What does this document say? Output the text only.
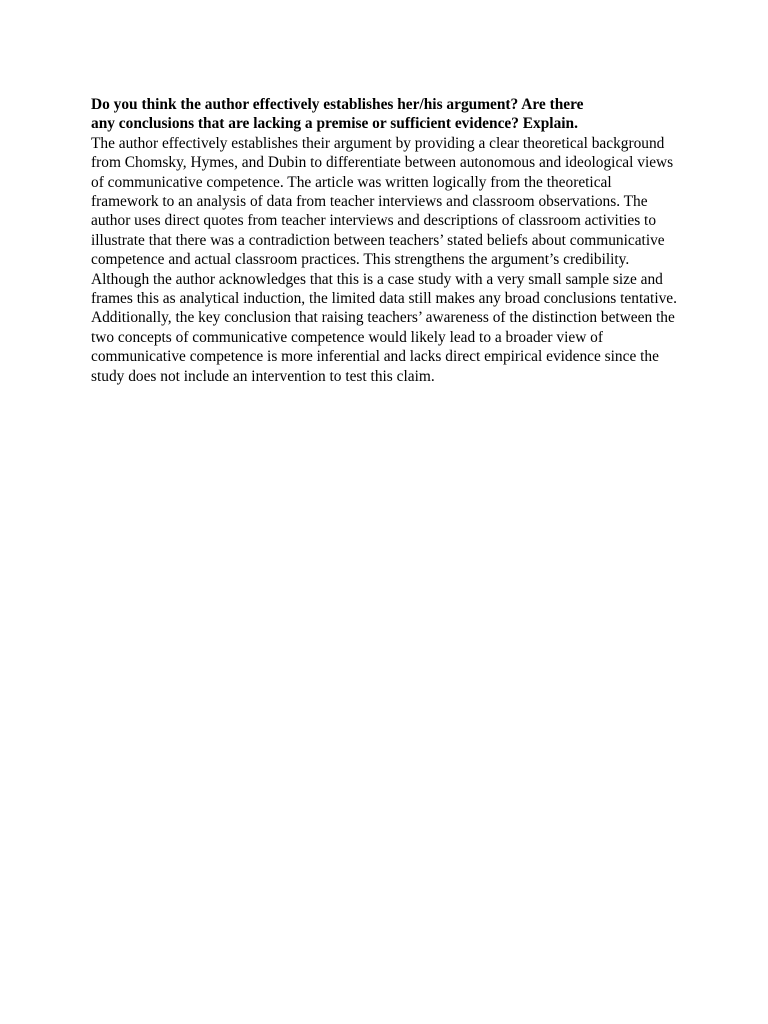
Do you think the author effectively establishes her/his argument? Are there any conclusions that are lacking a premise or sufficient evidence? Explain.

The author effectively establishes their argument by providing a clear theoretical background from Chomsky, Hymes, and Dubin to differentiate between autonomous and ideological views of communicative competence. The article was written logically from the theoretical framework to an analysis of data from teacher interviews and classroom observations. The author uses direct quotes from teacher interviews and descriptions of classroom activities to illustrate that there was a contradiction between teachers’ stated beliefs about communicative competence and actual classroom practices. This strengthens the argument’s credibility.

Although the author acknowledges that this is a case study with a very small sample size and frames this as analytical induction, the limited data still makes any broad conclusions tentative. Additionally, the key conclusion that raising teachers’ awareness of the distinction between the two concepts of communicative competence would likely lead to a broader view of communicative competence is more inferential and lacks direct empirical evidence since the study does not include an intervention to test this claim.
